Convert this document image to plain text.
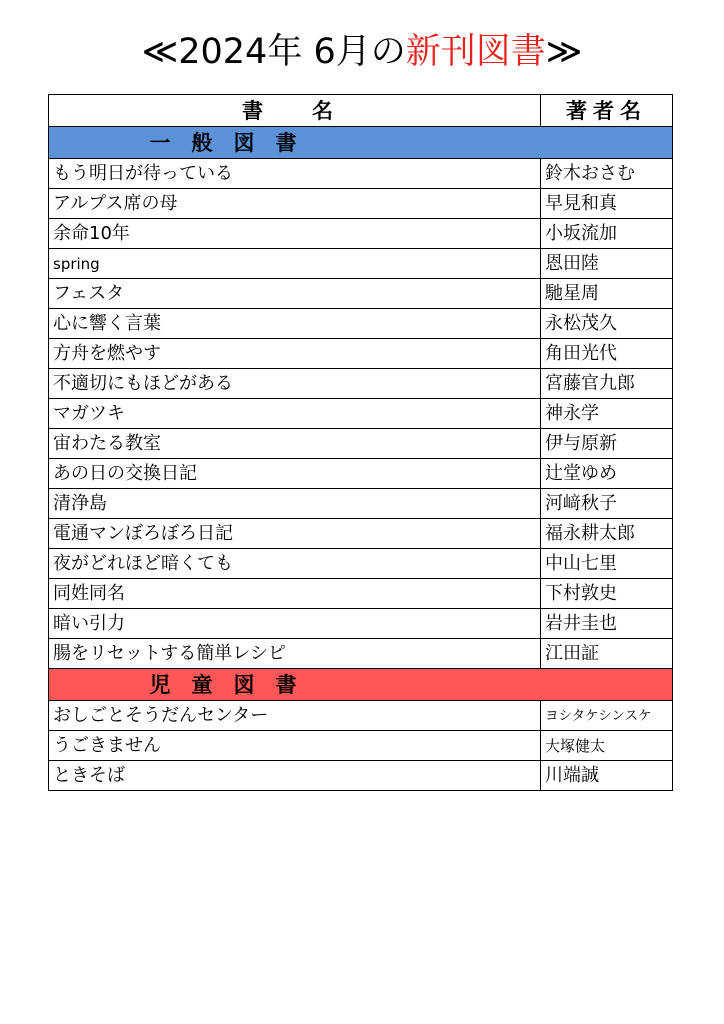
≪2024年 6月の新刊図書≫
書　名	著者名
一　般　図　書	
もう明日が待っている	鈴木おさむ
アルプス席の母	早見和真
余命10年	小坂流加
spring	恩田陸
フェスタ	馳星周
心に響く言葉	永松茂久
方舟を燃やす	角田光代
不適切にもほどがある	宮藤官九郎
マガツキ	神永学
宙わたる教室	伊与原新
あの日の交換日記	辻堂ゆめ
清浄島	河﨑秋子
電通マンぼろぼろ日記	福永耕太郎
夜がどれほど暗くても	中山七里
同姓同名	下村敦史
暗い引力	岩井圭也
腸をリセットする簡単レシピ	江田証
児　童　図　書	
おしごとそうだんセンター	ヨシタケシンスケ
うごきません	大塚健太
ときそば	川端誠
